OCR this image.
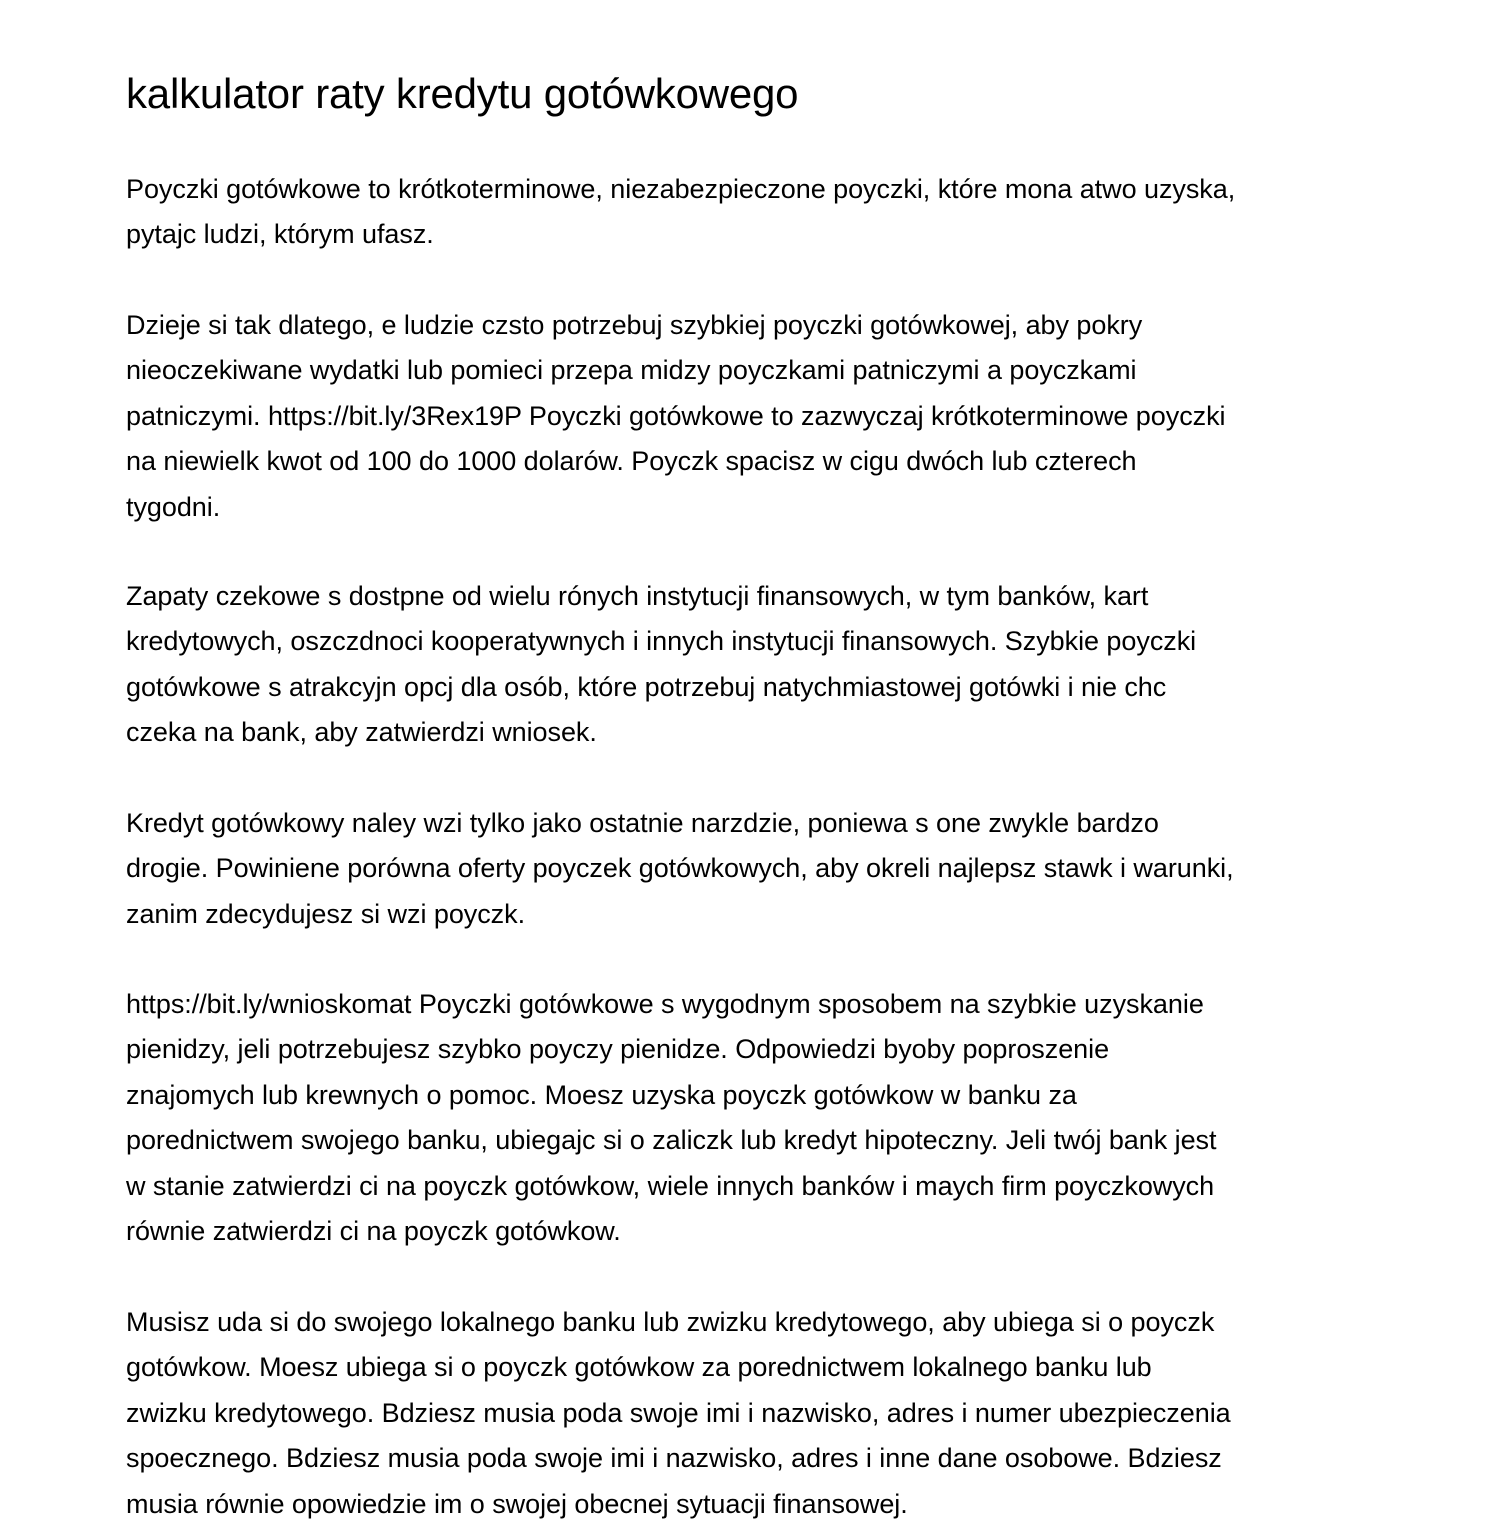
kalkulator raty kredytu gotówkowego

Poyczki gotówkowe to krótkoterminowe, niezabezpieczone poyczki, które mona atwo uzyska,
pytajc ludzi, którym ufasz.

Dzieje si tak dlatego, e ludzie czsto potrzebuj szybkiej poyczki gotówkowej, aby pokry
nieoczekiwane wydatki lub pomieci przepa midzy poyczkami patniczymi a poyczkami
patniczymi. https://bit.ly/3Rex19P Poyczki gotówkowe to zazwyczaj krótkoterminowe poyczki
na niewielk kwot od 100 do 1000 dolarów. Poyczk spacisz w cigu dwóch lub czterech
tygodni.

Zapaty czekowe s dostpne od wielu rónych instytucji finansowych, w tym banków, kart
kredytowych, oszczdnoci kooperatywnych i innych instytucji finansowych. Szybkie poyczki
gotówkowe s atrakcyjn opcj dla osób, które potrzebuj natychmiastowej gotówki i nie chc
czeka na bank, aby zatwierdzi wniosek.

Kredyt gotówkowy naley wzi tylko jako ostatnie narzdzie, poniewa s one zwykle bardzo
drogie. Powiniene porówna oferty poyczek gotówkowych, aby okreli najlepsz stawk i warunki,
zanim zdecydujesz si wzi poyczk.

https://bit.ly/wnioskomat Poyczki gotówkowe s wygodnym sposobem na szybkie uzyskanie
pienidzy, jeli potrzebujesz szybko poyczy pienidze. Odpowiedzi byoby poproszenie
znajomych lub krewnych o pomoc. Moesz uzyska poyczk gotówkow w banku za
porednictwem swojego banku, ubiegajc si o zaliczk lub kredyt hipoteczny. Jeli twój bank jest
w stanie zatwierdzi ci na poyczk gotówkow, wiele innych banków i maych firm poyczkowych
równie zatwierdzi ci na poyczk gotówkow.

Musisz uda si do swojego lokalnego banku lub zwizku kredytowego, aby ubiega si o poyczk
gotówkow. Moesz ubiega si o poyczk gotówkow za porednictwem lokalnego banku lub
zwizku kredytowego. Bdziesz musia poda swoje imi i nazwisko, adres i numer ubezpieczenia
spoecznego. Bdziesz musia poda swoje imi i nazwisko, adres i inne dane osobowe. Bdziesz
musia równie opowiedzie im o swojej obecnej sytuacji finansowej.
